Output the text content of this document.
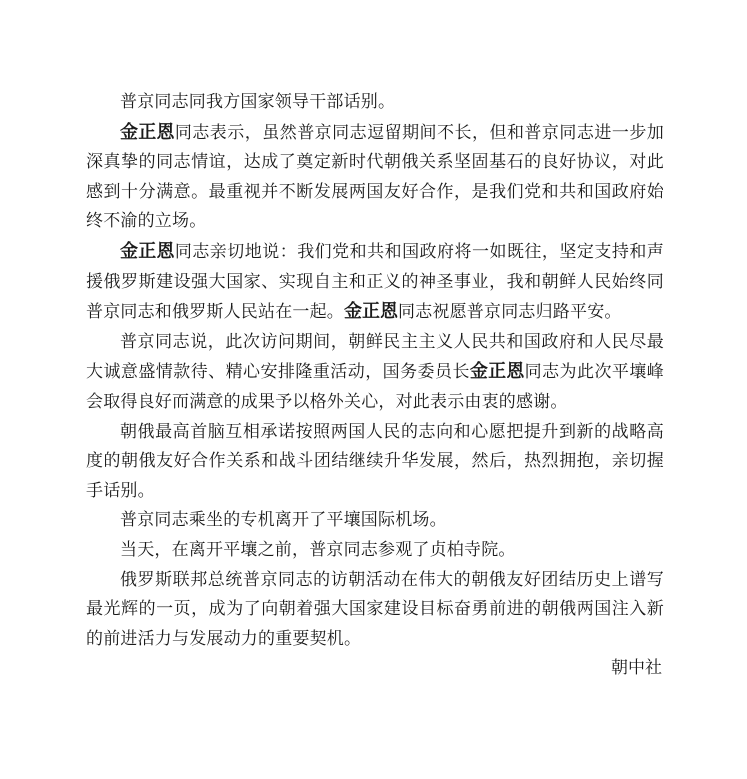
普京同志同我方国家领导干部话别。

金正恩同志表示，虽然普京同志逗留期间不长，但和普京同志进一步加深真挚的同志情谊，达成了奠定新时代朝俄关系坚固基石的良好协议，对此感到十分满意。最重视并不断发展两国友好合作，是我们党和共和国政府始终不渝的立场。

金正恩同志亲切地说：我们党和共和国政府将一如既往，坚定支持和声援俄罗斯建设强大国家、实现自主和正义的神圣事业，我和朝鲜人民始终同普京同志和俄罗斯人民站在一起。金正恩同志祝愿普京同志归路平安。

普京同志说，此次访问期间，朝鲜民主主义人民共和国政府和人民尽最大诚意盛情款待、精心安排隆重活动，国务委员长金正恩同志为此次平壤峰会取得良好而满意的成果予以格外关心，对此表示由衷的感谢。

朝俄最高首脑互相承诺按照两国人民的志向和心愿把提升到新的战略高度的朝俄友好合作关系和战斗团结继续升华发展，然后，热烈拥抱，亲切握手话别。

普京同志乘坐的专机离开了平壤国际机场。

当天，在离开平壤之前，普京同志参观了贞柏寺院。

俄罗斯联邦总统普京同志的访朝活动在伟大的朝俄友好团结历史上谱写最光辉的一页，成为了向朝着强大国家建设目标奋勇前进的朝俄两国注入新的前进活力与发展动力的重要契机。

朝中社
